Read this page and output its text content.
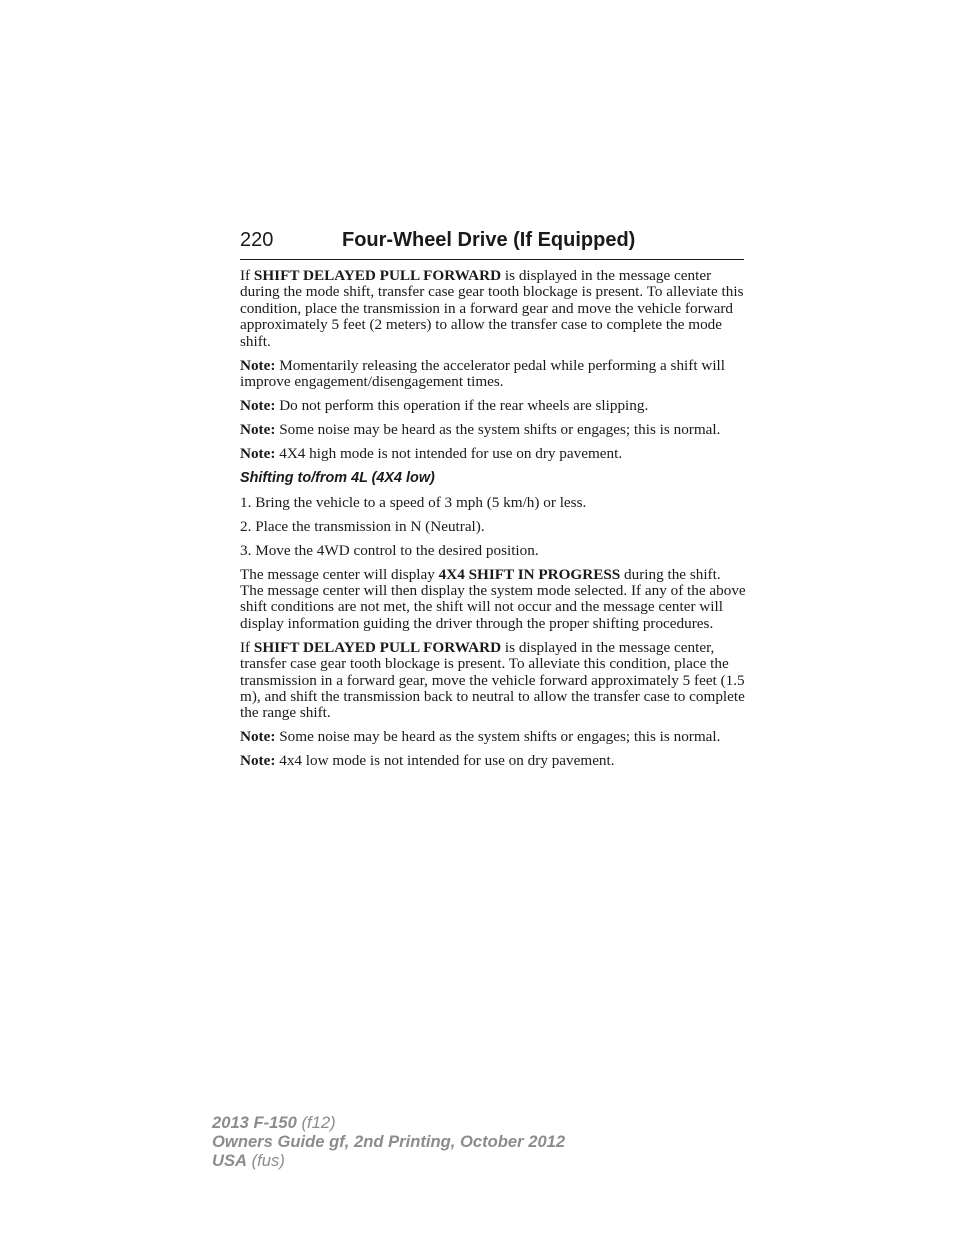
220	Four-Wheel Drive (If Equipped)

If SHIFT DELAYED PULL FORWARD is displayed in the message center during the mode shift, transfer case gear tooth blockage is present. To alleviate this condition, place the transmission in a forward gear and move the vehicle forward approximately 5 feet (2 meters) to allow the transfer case to complete the mode shift.

Note: Momentarily releasing the accelerator pedal while performing a shift will improve engagement/disengagement times.

Note: Do not perform this operation if the rear wheels are slipping.

Note: Some noise may be heard as the system shifts or engages; this is normal.

Note: 4X4 high mode is not intended for use on dry pavement.

Shifting to/from 4L (4X4 low)

1. Bring the vehicle to a speed of 3 mph (5 km/h) or less.

2. Place the transmission in N (Neutral).

3. Move the 4WD control to the desired position.

The message center will display 4X4 SHIFT IN PROGRESS during the shift. The message center will then display the system mode selected. If any of the above shift conditions are not met, the shift will not occur and the message center will display information guiding the driver through the proper shifting procedures.

If SHIFT DELAYED PULL FORWARD is displayed in the message center, transfer case gear tooth blockage is present. To alleviate this condition, place the transmission in a forward gear, move the vehicle forward approximately 5 feet (1.5 m), and shift the transmission back to neutral to allow the transfer case to complete the range shift.

Note: Some noise may be heard as the system shifts or engages; this is normal.

Note: 4x4 low mode is not intended for use on dry pavement.

2013 F-150 (f12)
Owners Guide gf, 2nd Printing, October 2012
USA (fus)
